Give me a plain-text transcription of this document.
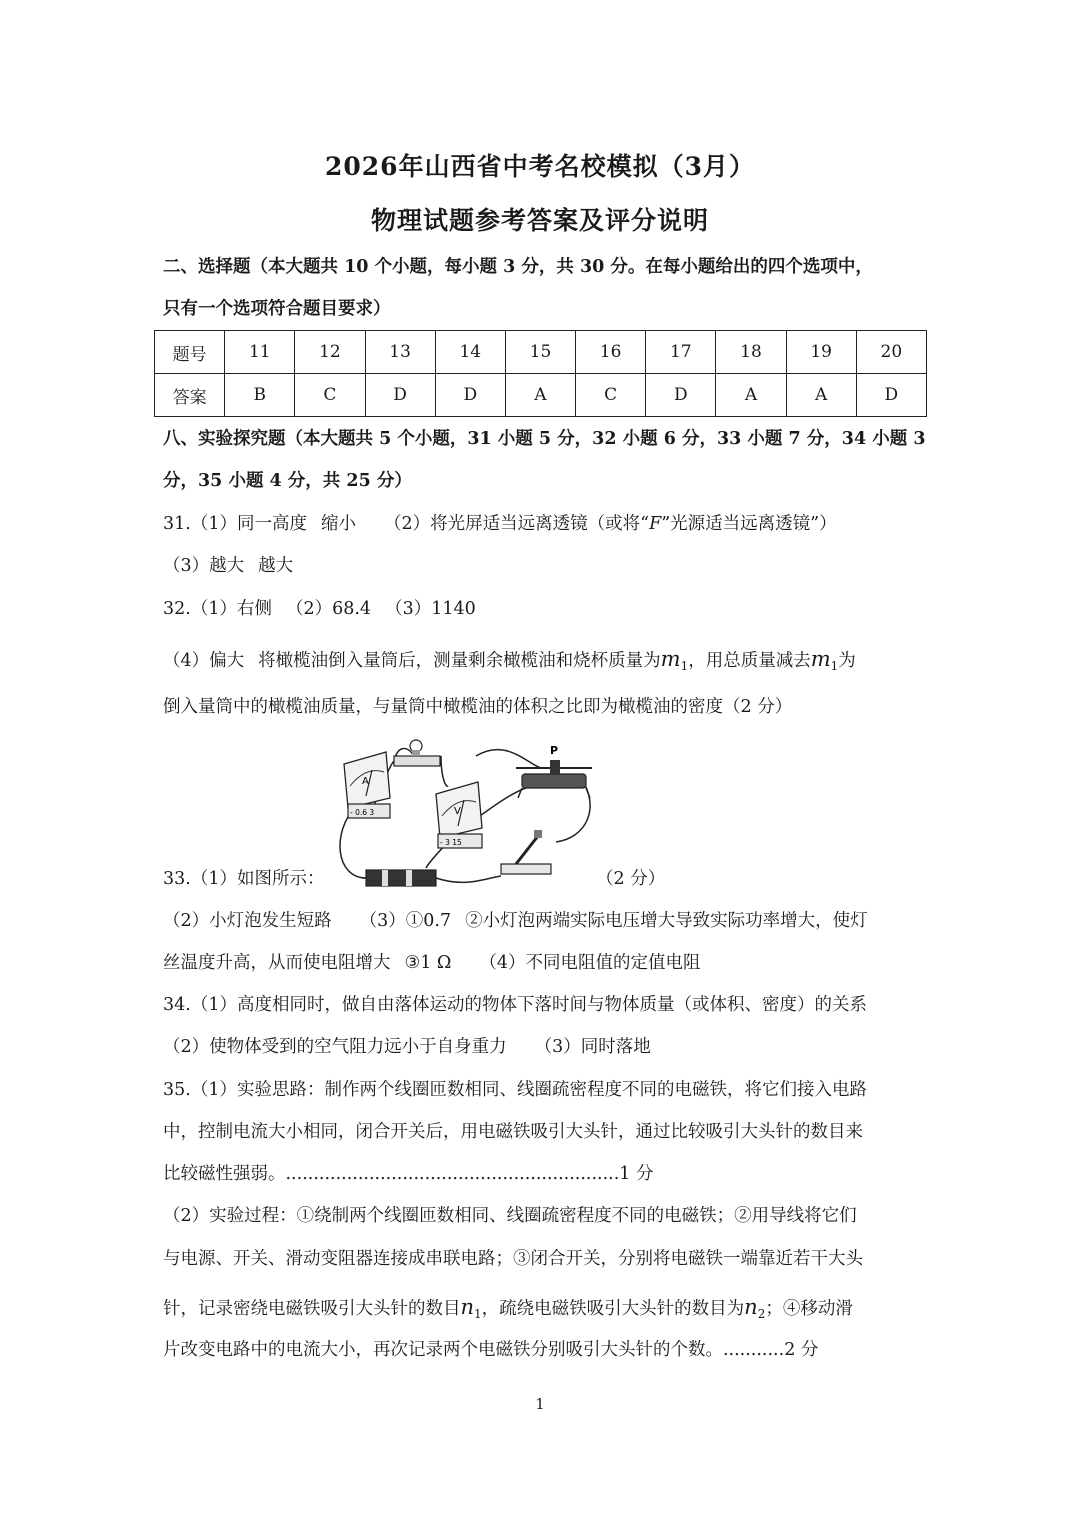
2026年山西省中考名校模拟（3月）
物理试题参考答案及评分说明
二、选择题（本大题共 10 个小题，每小题 3 分，共 30 分。在每小题给出的四个选项中，
只有一个选项符合题目要求）
题号	11	12	13	14	15	16	17	18	19	20
答案	B	C	D	D	A	C	D	A	A	D
八、实验探究题（本大题共 5 个小题，31 小题 5 分，32 小题 6 分，33 小题 7 分，34 小题 3
分，35 小题 4 分，共 25 分）
31.（1）同一高度 缩小 （2）将光屏适当远离透镜（或将“F”光源适当远离透镜”）
（3）越大 越大
32.（1）右侧 （2）68.4 （3）1140
（4）偏大 将橄榄油倒入量筒后，测量剩余橄榄油和烧杯质量为$m_1$，用总质量减去$m_1$为
倒入量筒中的橄榄油质量，与量筒中橄榄油的体积之比即为橄榄油的密度（2 分）
A
- 0.6 3	V
- 3 15
P
33.（1）如图所示：	（2 分）
（2）小灯泡发生短路 （3）①0.7 ②小灯泡两端实际电压增大导致实际功率增大，使灯
丝温度升高，从而使电阻增大 ③1 Ω （4）不同电阻值的定值电阻
34.（1）高度相同时，做自由落体运动的物体下落时间与物体质量（或体积、密度）的关系
（2）使物体受到的空气阻力远小于自身重力 （3）同时落地
35.（1）实验思路：制作两个线圈匝数相同、线圈疏密程度不同的电磁铁，将它们接入电路
中，控制电流大小相同，闭合开关后，用电磁铁吸引大头针，通过比较吸引大头针的数目来
比较磁性强弱。............................................................1 分
（2）实验过程：①绕制两个线圈匝数相同、线圈疏密程度不同的电磁铁；②用导线将它们
与电源、开关、滑动变阻器连接成串联电路；③闭合开关，分别将电磁铁一端靠近若干大头
针，记录密绕电磁铁吸引大头针的数目$n_1$，疏绕电磁铁吸引大头针的数目为$n_2$；④移动滑
片改变电路中的电流大小，再次记录两个电磁铁分别吸引大头针的个数。...........2 分
1
